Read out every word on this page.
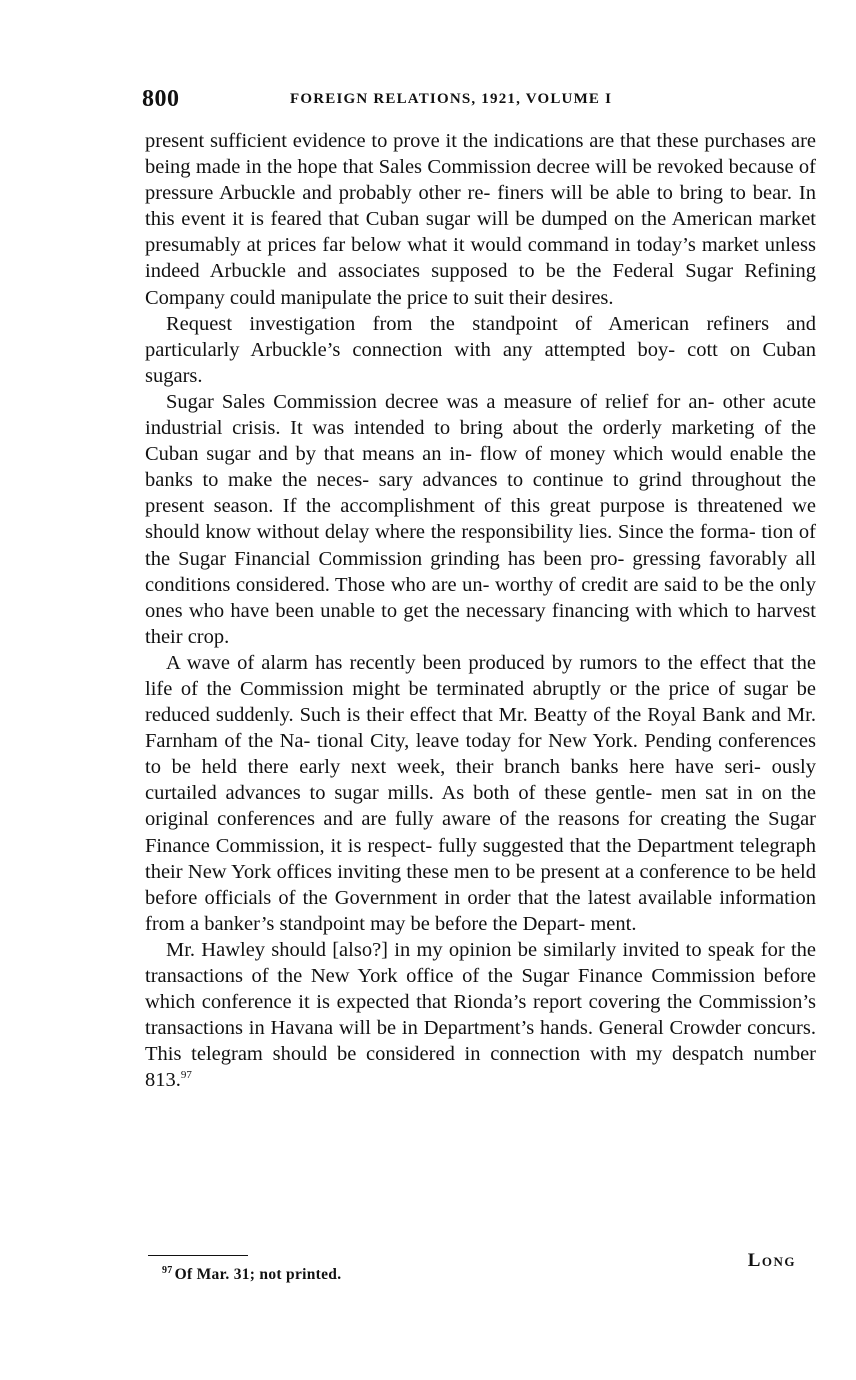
800	FOREIGN RELATIONS, 1921, VOLUME I

present sufficient evidence to prove it the indications are that these purchases are being made in the hope that Sales Commission decree will be revoked because of pressure Arbuckle and probably other re- finers will be able to bring to bear. In this event it is feared that Cuban sugar will be dumped on the American market presumably at prices far below what it would command in today’s market unless indeed Arbuckle and associates supposed to be the Federal Sugar Refining Company could manipulate the price to suit their desires.

Request investigation from the standpoint of American refiners and particularly Arbuckle’s connection with any attempted boy- cott on Cuban sugars.

Sugar Sales Commission decree was a measure of relief for an- other acute industrial crisis. It was intended to bring about the orderly marketing of the Cuban sugar and by that means an in- flow of money which would enable the banks to make the neces- sary advances to continue to grind throughout the present season. If the accomplishment of this great purpose is threatened we should know without delay where the responsibility lies. Since the forma- tion of the Sugar Financial Commission grinding has been pro- gressing favorably all conditions considered. Those who are un- worthy of credit are said to be the only ones who have been unable to get the necessary financing with which to harvest their crop.

A wave of alarm has recently been produced by rumors to the effect that the life of the Commission might be terminated abruptly or the price of sugar be reduced suddenly. Such is their effect that Mr. Beatty of the Royal Bank and Mr. Farnham of the Na- tional City, leave today for New York. Pending conferences to be held there early next week, their branch banks here have seri- ously curtailed advances to sugar mills. As both of these gentle- men sat in on the original conferences and are fully aware of the reasons for creating the Sugar Finance Commission, it is respect- fully suggested that the Department telegraph their New York offices inviting these men to be present at a conference to be held before officials of the Government in order that the latest available information from a banker’s standpoint may be before the Depart- ment.

Mr. Hawley should [also?] in my opinion be similarly invited to speak for the transactions of the New York office of the Sugar Finance Commission before which conference it is expected that Rionda’s report covering the Commission’s transactions in Havana will be in Department’s hands. General Crowder concurs. This telegram should be considered in connection with my despatch number 813.97

Long
$^{97}$ Of Mar. 31; not printed.
